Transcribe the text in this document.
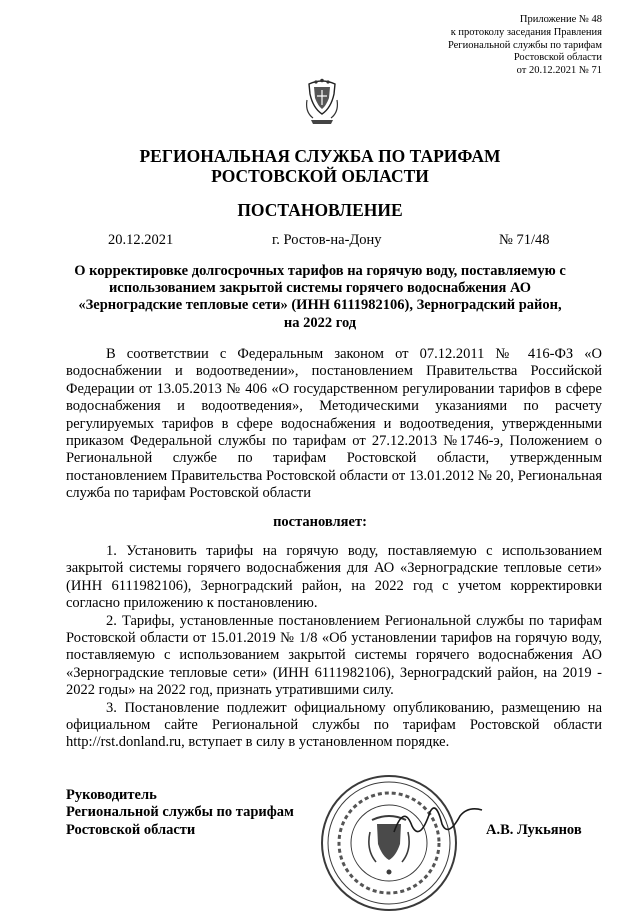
Приложение № 48
к протоколу заседания Правления
Региональной службы по тарифам
Ростовской области
от 20.12.2021 № 71
РЕГИОНАЛЬНАЯ СЛУЖБА ПО ТАРИФАМ
РОСТОВСКОЙ ОБЛАСТИ
ПОСТАНОВЛЕНИЕ
20.12.2021	г. Ростов-на-Дону	№ 71/48
О корректировке долгосрочных тарифов на горячую воду, поставляемую с использованием закрытой системы горячего водоснабжения АО «Зерноградские тепловые сети» (ИНН 6111982106), Зерноградский район, на 2022 год
В соответствии с Федеральным законом от 07.12.2011 № 416-ФЗ «О водоснабжении и водоотведении», постановлением Правительства Российской Федерации от 13.05.2013 № 406 «О государственном регулировании тарифов в сфере водоснабжения и водоотведения», Методическими указаниями по расчету регулируемых тарифов в сфере водоснабжения и водоотведения, утвержденными приказом Федеральной службы по тарифам от 27.12.2013 №1746-э, Положением о Региональной службе по тарифам Ростовской области, утвержденным постановлением Правительства Ростовской области от 13.01.2012 № 20, Региональная служба по тарифам Ростовской области
постановляет:

1. Установить тарифы на горячую воду, поставляемую с использованием закрытой системы горячего водоснабжения для АО «Зерноградские тепловые сети» (ИНН 6111982106), Зерноградский район, на 2022 год с учетом корректировки согласно приложению к постановлению.

2. Тарифы, установленные постановлением Региональной службы по тарифам Ростовской области от 15.01.2019 № 1/8 «Об установлении тарифов на горячую воду, поставляемую с использованием закрытой системы горячего водоснабжения АО «Зерноградские тепловые сети» (ИНН 6111982106), Зерноградский район, на 2019 - 2022 годы» на 2022 год, признать утратившими силу.

3. Постановление подлежит официальному опубликованию, размещению на официальном сайте Региональной службы по тарифам Ростовской области http://rst.donland.ru, вступает в силу в установленном порядке.

Руководитель
Региональной службы по тарифам
Ростовской области	А.В. Лукьянов
